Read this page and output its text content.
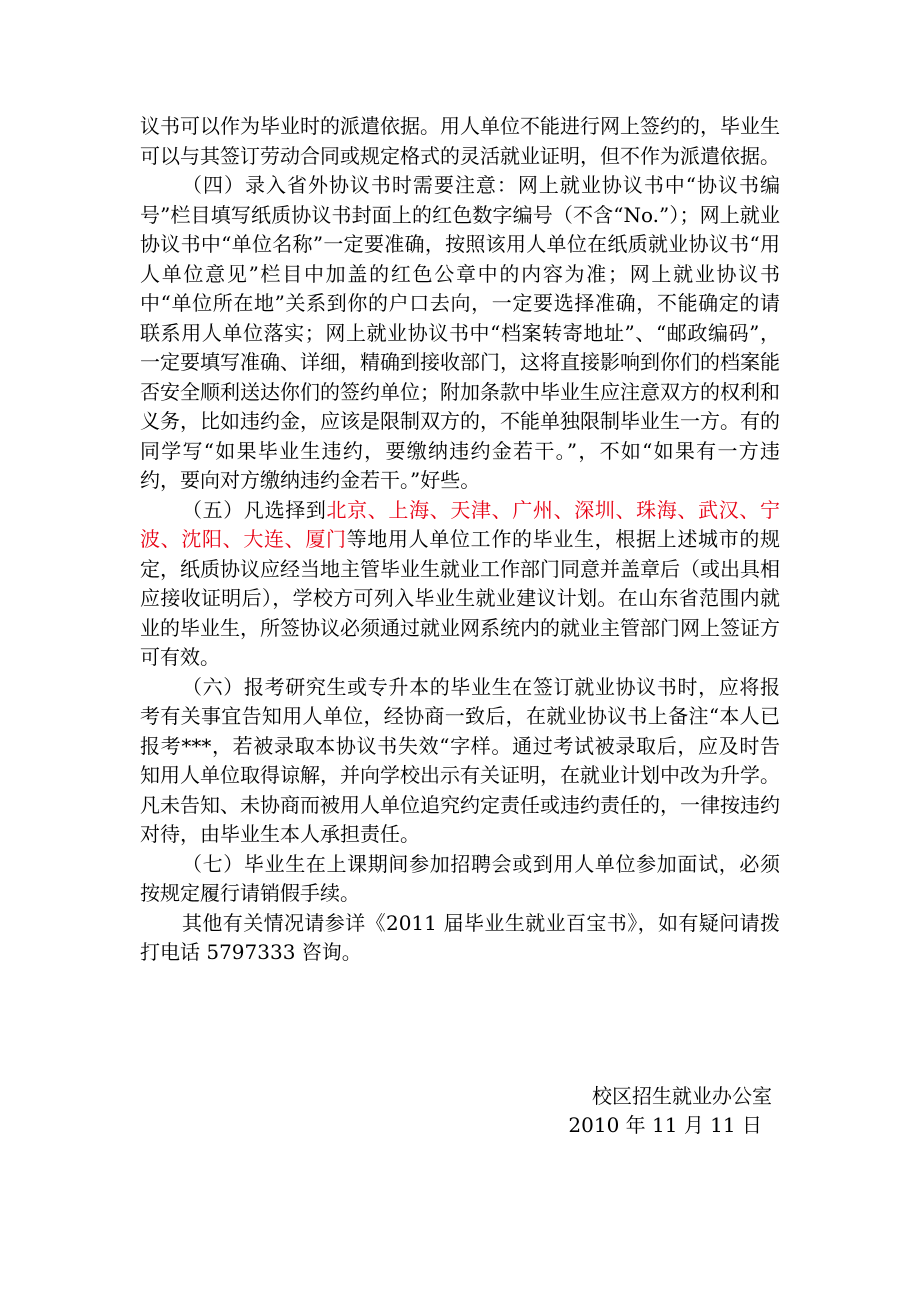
议书可以作为毕业时的派遣依据。用人单位不能进行网上签约的，毕业生可以与其签订劳动合同或规定格式的灵活就业证明，但不作为派遣依据。

（四）录入省外协议书时需要注意：网上就业协议书中“协议书编号”栏目填写纸质协议书封面上的红色数字编号（不含“No.”）；网上就业协议书中“单位名称”一定要准确，按照该用人单位在纸质就业协议书“用人单位意见”栏目中加盖的红色公章中的内容为准；网上就业协议书中“单位所在地”关系到你的户口去向，一定要选择准确，不能确定的请联系用人单位落实；网上就业协议书中“档案转寄地址”、“邮政编码”，一定要填写准确、详细，精确到接收部门，这将直接影响到你们的档案能否安全顺利送达你们的签约单位；附加条款中毕业生应注意双方的权利和义务，比如违约金，应该是限制双方的，不能单独限制毕业生一方。有的同学写“如果毕业生违约，要缴纳违约金若干。”，不如“如果有一方违约，要向对方缴纳违约金若干。”好些。

（五）凡选择到北京、上海、天津、广州、深圳、珠海、武汉、宁波、沈阳、大连、厦门等地用人单位工作的毕业生，根据上述城市的规定，纸质协议应经当地主管毕业生就业工作部门同意并盖章后（或出具相应接收证明后），学校方可列入毕业生就业建议计划。在山东省范围内就业的毕业生，所签协议必须通过就业网系统内的就业主管部门网上签证方可有效。

（六）报考研究生或专升本的毕业生在签订就业协议书时，应将报考有关事宜告知用人单位，经协商一致后，在就业协议书上备注“本人已报考***，若被录取本协议书失效“字样。通过考试被录取后，应及时告知用人单位取得谅解，并向学校出示有关证明，在就业计划中改为升学。凡未告知、未协商而被用人单位追究约定责任或违约责任的，一律按违约对待，由毕业生本人承担责任。

（七）毕业生在上课期间参加招聘会或到用人单位参加面试，必须按规定履行请销假手续。

其他有关情况请参详《2011 届毕业生就业百宝书》，如有疑问请拨打电话 5797333 咨询。

校区招生就业办公室
2010 年 11 月 11 日
